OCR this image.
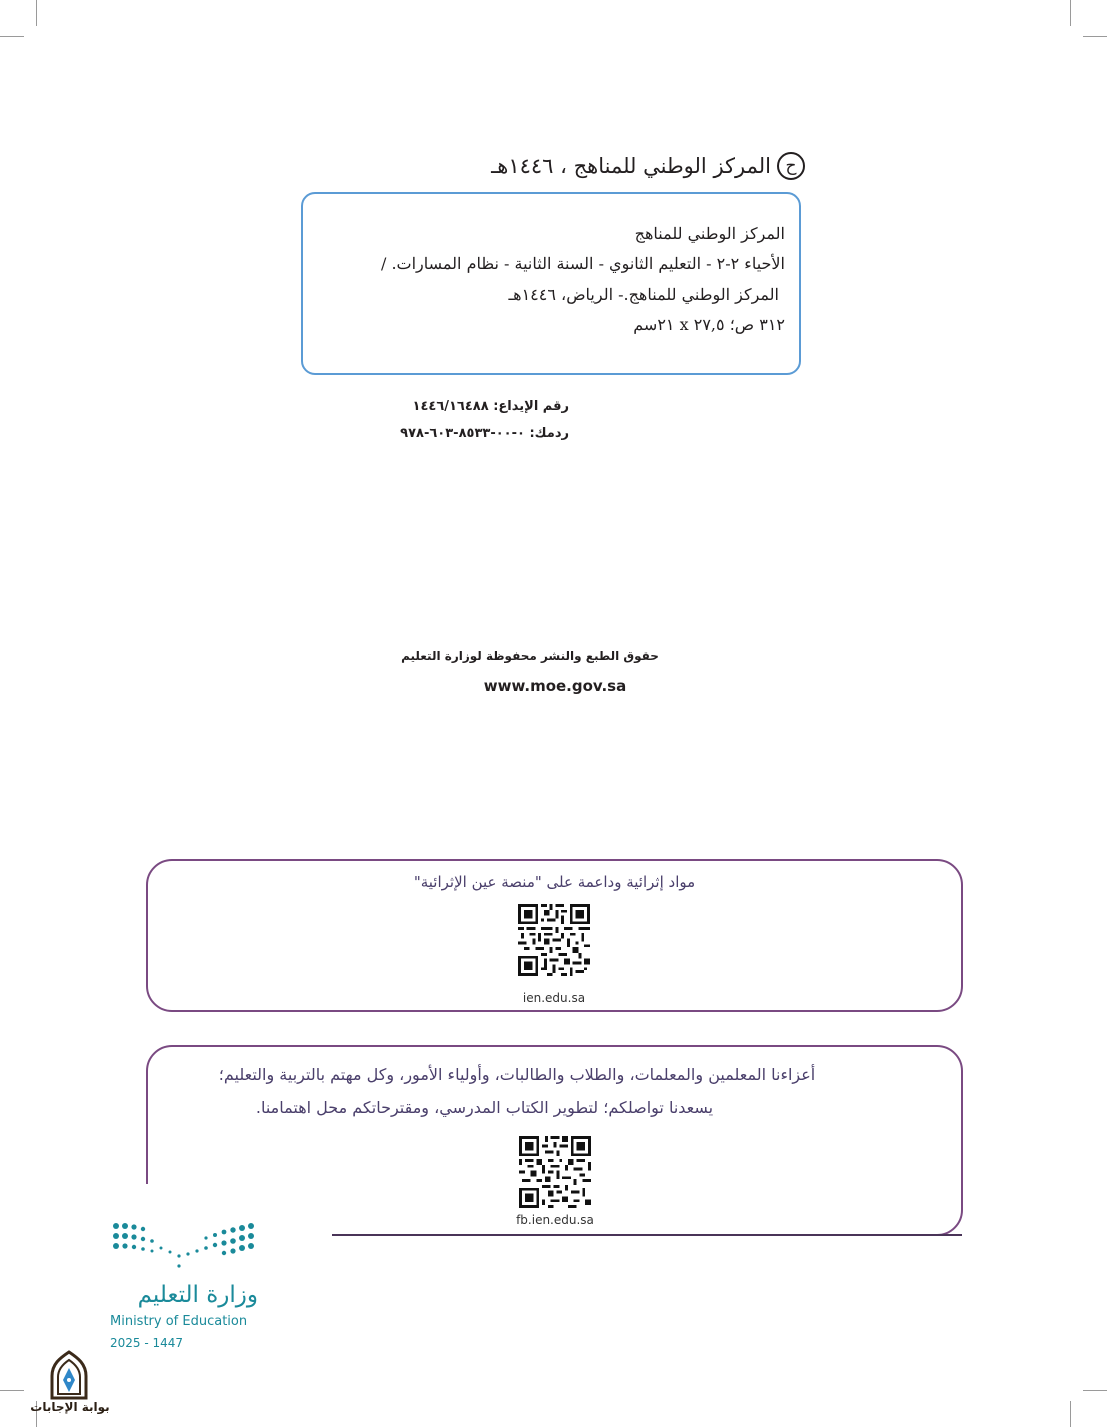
ح
المركز الوطني للمناهج ، ١٤٤٦هـ
المركز الوطني للمناهج
الأحياء ٢-٢ - التعليم الثانوي - السنة الثانية - نظام المسارات. /
المركز الوطني للمناهج.- الرياض، ١٤٤٦هـ
٣١٢ ص؛ ٢٧,٥ x ٢١سم
رقم الإيداع: ١٤٤٦/١٦٤٨٨
ردمك: ٠-٠٠-٨٥٣٣-٦٠٣-٩٧٨
حقوق الطبع والنشر محفوظة لوزارة التعليم
www.moe.gov.sa
مواد إثرائية وداعمة على "منصة عين الإثرائية"
ien.edu.sa
أعزاءنا المعلمين والمعلمات، والطلاب والطالبات، وأولياء الأمور، وكل مهتم بالتربية والتعليم؛
يسعدنا تواصلكم؛ لتطوير الكتاب المدرسي، ومقترحاتكم محل اهتمامنا.
fb.ien.edu.sa
وزارة التعليم
Ministry of Education
2025 - 1447
بوابة الإجابات
